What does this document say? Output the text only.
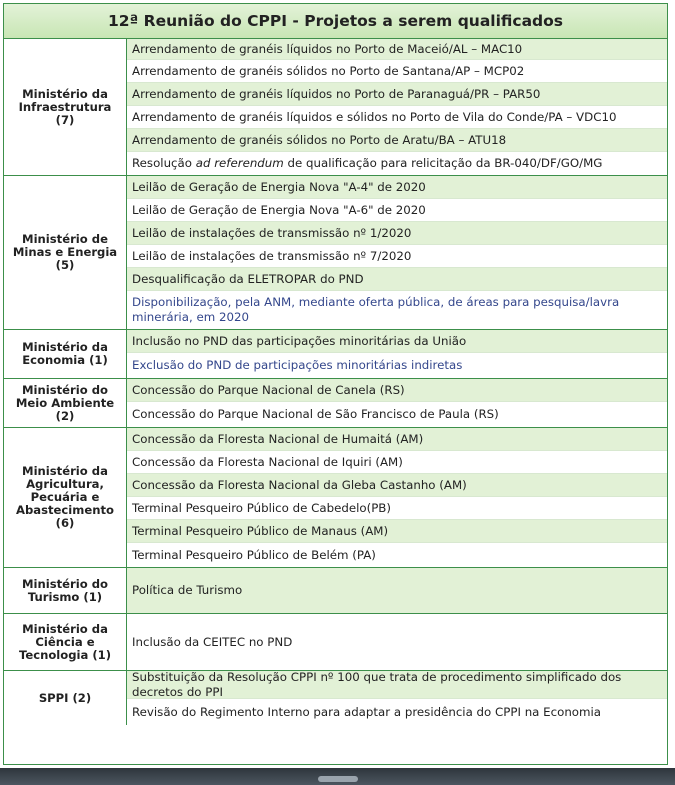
12ª Reunião do CPPI - Projetos a serem qualificados
Ministério da
Infraestrutura
(7)
Arrendamento de granéis líquidos no Porto de Maceió/AL – MAC10
Arrendamento de granéis sólidos no Porto de Santana/AP – MCP02
Arrendamento de granéis líquidos no Porto de Paranaguá/PR – PAR50
Arrendamento de granéis líquidos e sólidos no Porto de Vila do Conde/PA – VDC10
Arrendamento de granéis sólidos no Porto de Aratu/BA – ATU18
Resolução ad referendum de qualificação para relicitação da BR-040/DF/GO/MG
Ministério de
Minas e Energia
(5)
Leilão de Geração de Energia Nova "A-4" de 2020
Leilão de Geração de Energia Nova "A-6" de 2020
Leilão de instalações de transmissão nº 1/2020
Leilão de instalações de transmissão nº 7/2020
Desqualificação da ELETROPAR do PND
Disponibilização, pela ANM, mediante oferta pública, de áreas para pesquisa/lavra minerária, em 2020
Ministério da
Economia (1)
Inclusão no PND das participações minoritárias da União
Exclusão do PND de participações minoritárias indiretas
Ministério do
Meio Ambiente (2)
Concessão do Parque Nacional de Canela (RS)
Concessão do Parque Nacional de São Francisco de Paula (RS)
Ministério da
Agricultura,
Pecuária e
Abastecimento
(6)
Concessão da Floresta Nacional de Humaitá (AM)
Concessão da Floresta Nacional de Iquiri (AM)
Concessão da Floresta Nacional da Gleba Castanho (AM)
Terminal Pesqueiro Público de Cabedelo(PB)
Terminal Pesqueiro Público de Manaus (AM)
Terminal Pesqueiro Público de Belém (PA)
Ministério do
Turismo (1)	Política de Turismo
Ministério da
Ciência e
Tecnologia (1)
Inclusão da CEITEC no PND
SPPI (2)
Substituição da Resolução CPPI nº 100 que trata de procedimento simplificado dos decretos do PPI
Revisão do Regimento Interno para adaptar a presidência do CPPI na Economia
